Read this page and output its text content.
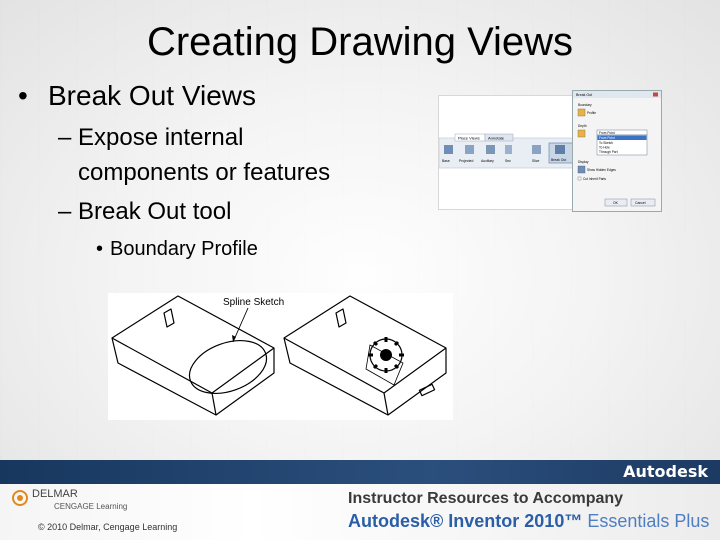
Creating Drawing Views
• Break Out Views
– Expose internal
components or features
– Break Out tool
• Boundary Profile
Place Views Annotate
Base	Projected Auxiliary	Sec	Slice	Break Out
Break Out
Boundary
Profile
Depth
From Point
From Point
To Sketch
To Hole
Through Part
Display
Show Hidden Edges
Cut Inherit Parts
OK	Cancel
Spline Sketch
Autodesk
DELMAR
CENGAGE Learning
© 2010 Delmar, Cengage Learning
Instructor Resources to Accompany
Autodesk® Inventor 2010™ Essentials Plus
